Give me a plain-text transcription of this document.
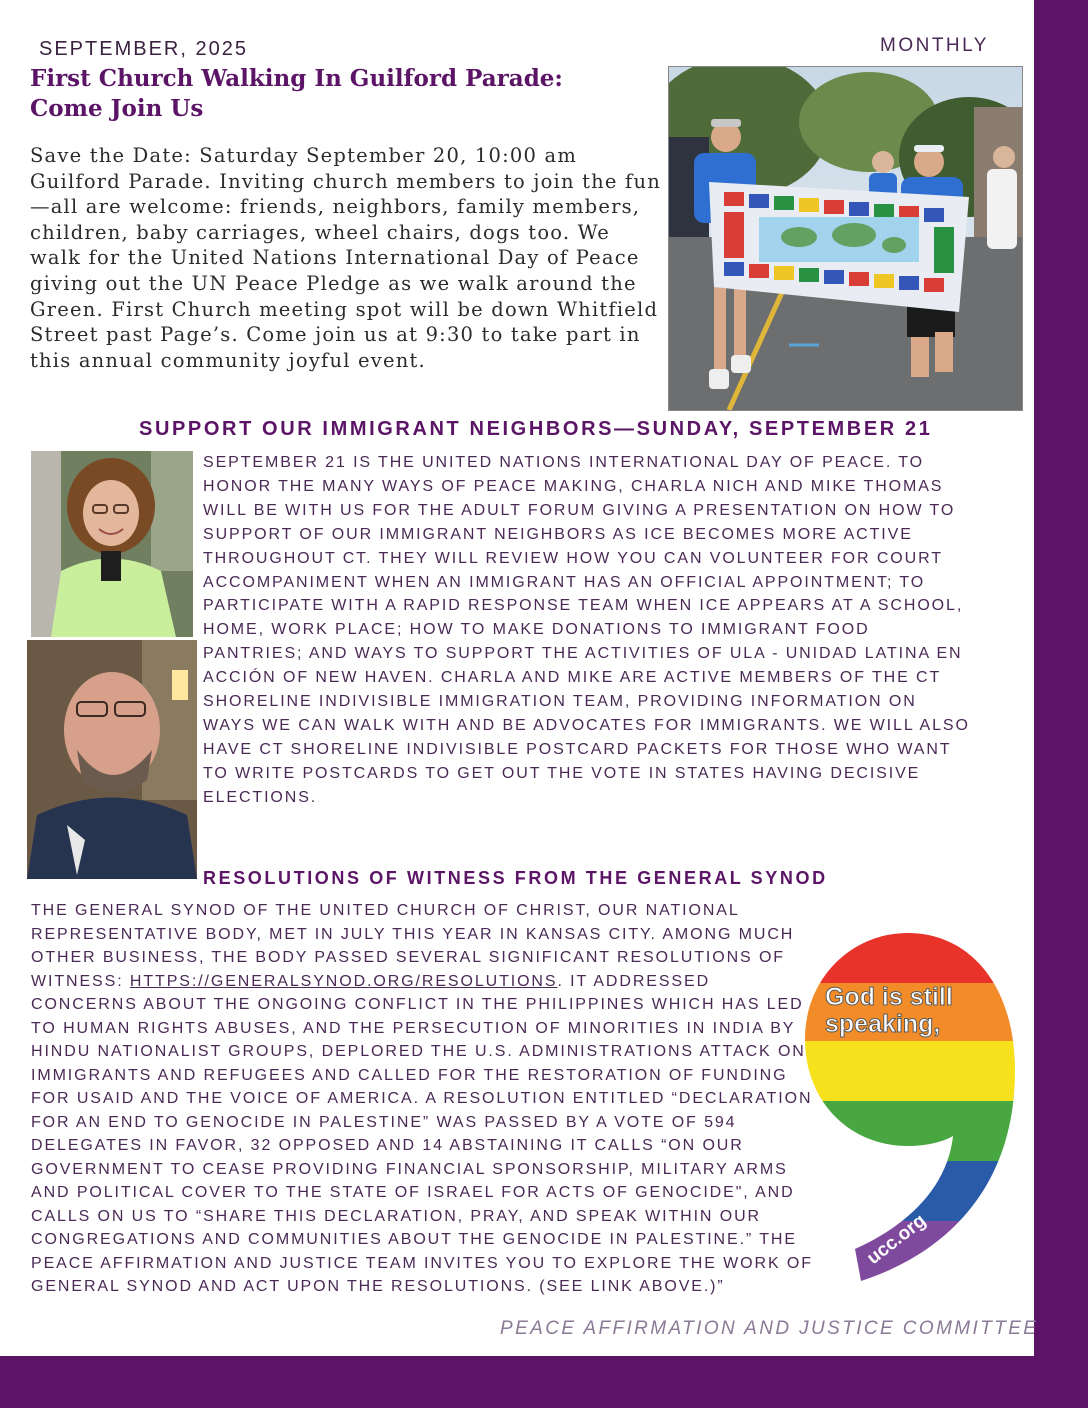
SEPTEMBER, 2025	MONTHLY
First Church Walking In Guilford Parade: Come Join Us
Save the Date: Saturday September 20, 10:00 am Guilford Parade. Inviting church members to join the fun—all are welcome: friends, neighbors, family members, children, baby carriages, wheel chairs, dogs too. We walk for the United Nations International Day of Peace giving out the UN Peace Pledge as we walk around the Green. First Church meeting spot will be down Whitfield Street past Page’s. Come join us at 9:30 to take part in this annual community joyful event.
SUPPORT OUR IMMIGRANT NEIGHBORS—SUNDAY, SEPTEMBER 21
SEPTEMBER 21 IS THE UNITED NATIONS INTERNATIONAL DAY OF PEACE. TO HONOR THE MANY WAYS OF PEACE MAKING, CHARLA NICH AND MIKE THOMAS WILL BE WITH US FOR THE ADULT FORUM GIVING A PRESENTATION ON HOW TO SUPPORT OF OUR IMMIGRANT NEIGHBORS AS ICE BECOMES MORE ACTIVE THROUGHOUT CT. THEY WILL REVIEW HOW YOU CAN VOLUNTEER FOR COURT ACCOMPANIMENT WHEN AN IMMIGRANT HAS AN OFFICIAL APPOINTMENT; TO PARTICIPATE WITH A RAPID RESPONSE TEAM WHEN ICE APPEARS AT A SCHOOL, HOME, WORK PLACE; HOW TO MAKE DONATIONS TO IMMIGRANT FOOD PANTRIES; AND WAYS TO SUPPORT THE ACTIVITIES OF ULA - UNIDAD LATINA EN ACCIÓN OF NEW HAVEN. CHARLA AND MIKE ARE ACTIVE MEMBERS OF THE CT SHORELINE INDIVISIBLE IMMIGRATION TEAM, PROVIDING INFORMATION ON WAYS WE CAN WALK WITH AND BE ADVOCATES FOR IMMIGRANTS. WE WILL ALSO HAVE CT SHORELINE INDIVISIBLE POSTCARD PACKETS FOR THOSE WHO WANT TO WRITE POSTCARDS TO GET OUT THE VOTE IN STATES HAVING DECISIVE ELECTIONS.
RESOLUTIONS OF WITNESS FROM THE GENERAL SYNOD
THE GENERAL SYNOD OF THE UNITED CHURCH OF CHRIST, OUR NATIONAL REPRESENTATIVE BODY, MET IN JULY THIS YEAR IN KANSAS CITY. AMONG MUCH OTHER BUSINESS, THE BODY PASSED SEVERAL SIGNIFICANT RESOLUTIONS OF WITNESS: HTTPS://GENERALSYNOD.ORG/RESOLUTIONS. IT ADDRESSED CONCERNS ABOUT THE ONGOING CONFLICT IN THE PHILIPPINES WHICH HAS LED TO HUMAN RIGHTS ABUSES, AND THE PERSECUTION OF MINORITIES IN INDIA BY HINDU NATIONALIST GROUPS, DEPLORED THE U.S. ADMINISTRATIONS ATTACK ON IMMIGRANTS AND REFUGEES AND CALLED FOR THE RESTORATION OF FUNDING FOR USAID AND THE VOICE OF AMERICA. A RESOLUTION ENTITLED “DECLARATION FOR AN END TO GENOCIDE IN PALESTINE” WAS PASSED BY A VOTE OF 594 DELEGATES IN FAVOR, 32 OPPOSED AND 14 ABSTAINING IT CALLS “ON OUR GOVERNMENT TO CEASE PROVIDING FINANCIAL SPONSORSHIP, MILITARY ARMS AND POLITICAL COVER TO THE STATE OF ISRAEL FOR ACTS OF GENOCIDE", AND CALLS ON US TO “SHARE THIS DECLARATION, PRAY, AND SPEAK WITHIN OUR CONGREGATIONS AND COMMUNITIES ABOUT THE GENOCIDE IN PALESTINE.” THE PEACE AFFIRMATION AND JUSTICE TEAM INVITES YOU TO EXPLORE THE WORK OF GENERAL SYNOD AND ACT UPON THE RESOLUTIONS. (SEE LINK ABOVE.)”
God is still
speaking,
ucc.org
PEACE AFFIRMATION AND JUSTICE COMMITTEE
